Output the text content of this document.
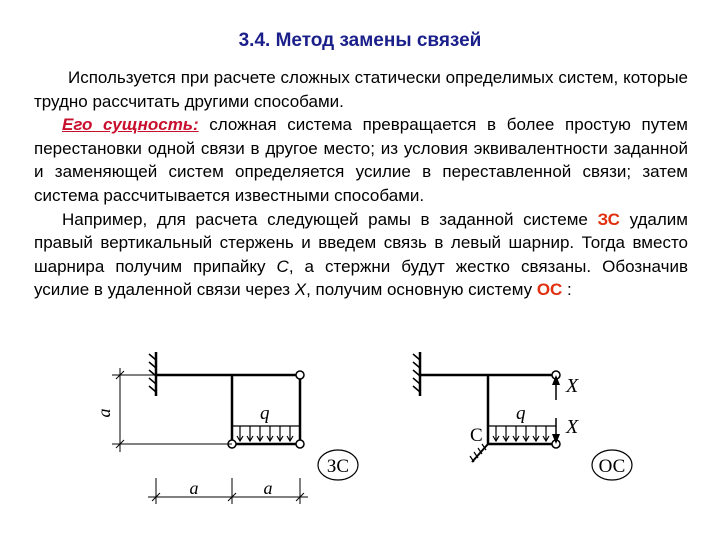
3.4. Метод замены связей

Используется при расчете сложных статически определимых систем, которые трудно рассчитать другими способами.

Его сущность: сложная система превращается в более простую путем перестановки одной связи в другое место; из условия эквивалентности заданной и заменяющей систем определяется усилие в переставленной связи; затем система рассчитывается известными способами.

Например, для расчета следующей рамы в заданной системе ЗС удалим правый вертикальный стержень и введем связь в левый шарнир. Тогда вместо шарнира получим припайку С, а стержни будут жестко связаны. Обозначив усилие в удаленной связи через Х, получим основную систему ОС :

q
a
a	a
ЗС
С
q
X
X
ОС
